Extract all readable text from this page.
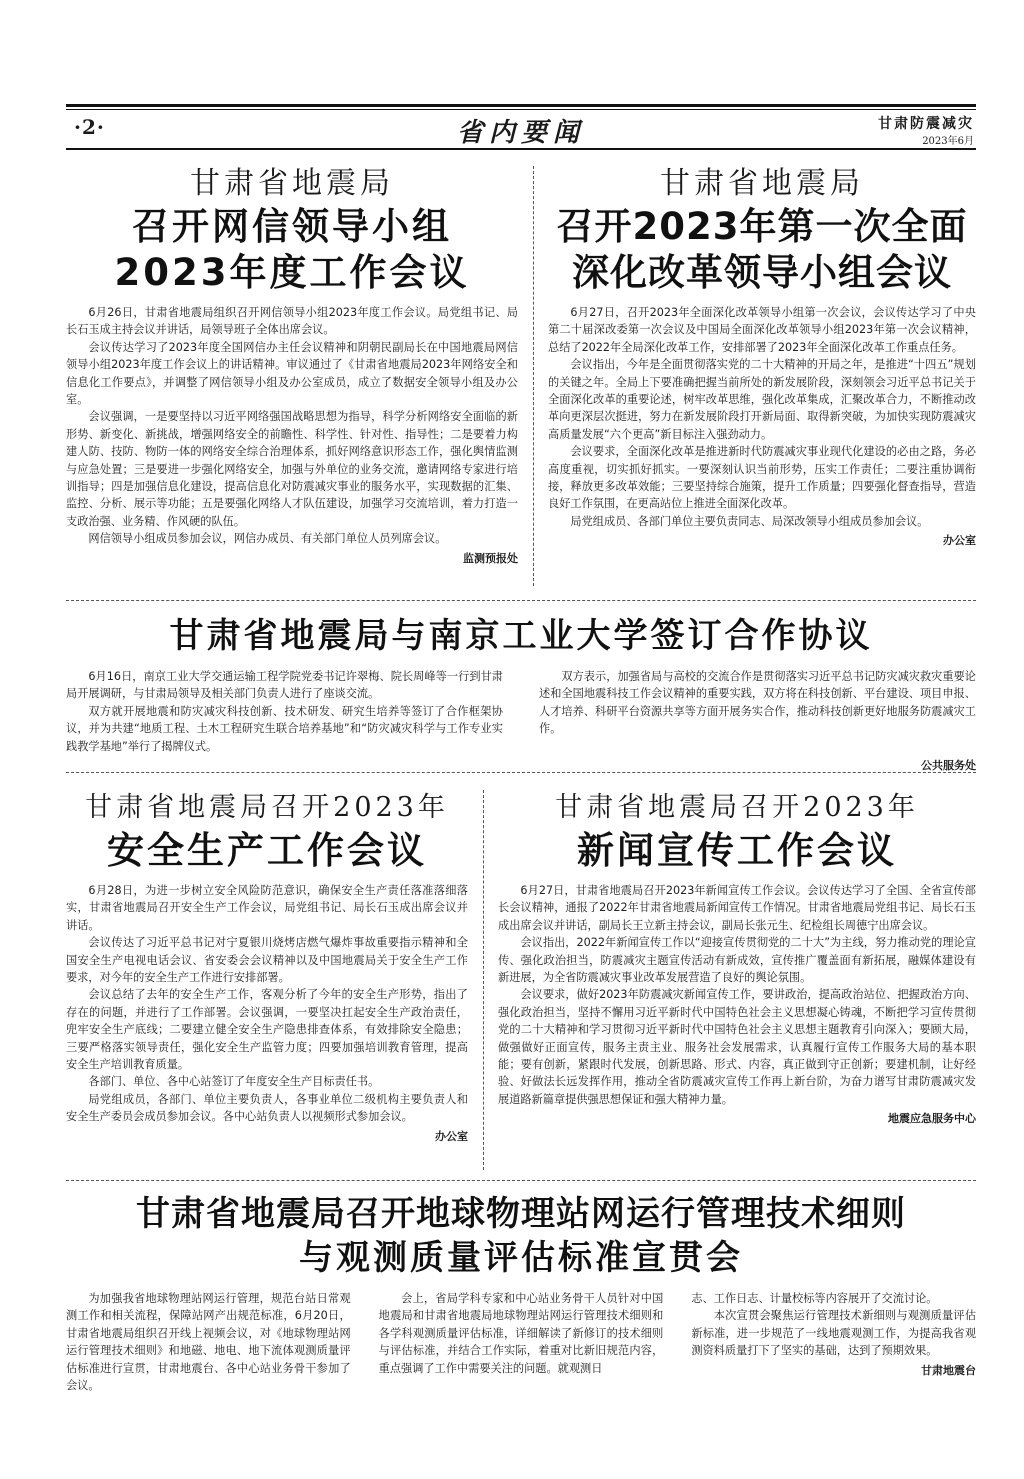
·2·	省内要闻	甘肃防震减灾
2023年6月
甘肃省地震局
召开网信领导小组
2023年度工作会议

6月26日，甘肃省地震局组织召开网信领导小组2023年度工作会议。局党组书记、局长石玉成主持会议并讲话，局领导班子全体出席会议。

会议传达学习了2023年度全国网信办主任会议精神和阴朝民副局长在中国地震局网信领导小组2023年度工作会议上的讲话精神。审议通过了《甘肃省地震局2023年网络安全和信息化工作要点》，并调整了网信领导小组及办公室成员，成立了数据安全领导小组及办公室。

会议强调，一是要坚持以习近平网络强国战略思想为指导，科学分析网络安全面临的新形势、新变化、新挑战，增强网络安全的前瞻性、科学性、针对性、指导性；二是要着力构建人防、技防、物防一体的网络安全综合治理体系，抓好网络意识形态工作，强化舆情监测与应急处置；三是要进一步强化网络安全，加强与外单位的业务交流，邀请网络专家进行培训指导；四是加强信息化建设，提高信息化对防震减灾事业的服务水平，实现数据的汇集、监控、分析、展示等功能；五是要强化网络人才队伍建设，加强学习交流培训，着力打造一支政治强、业务精、作风硬的队伍。

网信领导小组成员参加会议，网信办成员、有关部门单位人员列席会议。

监测预报处
甘肃省地震局
召开2023年第一次全面
深化改革领导小组会议

6月27日，召开2023年全面深化改革领导小组第一次会议，会议传达学习了中央第二十届深改委第一次会议及中国局全面深化改革领导小组2023年第一次会议精神，总结了2022年全局深化改革工作，安排部署了2023年全面深化改革工作重点任务。

会议指出，今年是全面贯彻落实党的二十大精神的开局之年，是推进“十四五”规划的关键之年。全局上下要准确把握当前所处的新发展阶段，深刻领会习近平总书记关于全面深化改革的重要论述，树牢改革思维，强化改革集成，汇聚改革合力，不断推动改革向更深层次挺进，努力在新发展阶段打开新局面、取得新突破，为加快实现防震减灾高质量发展“六个更高”新目标注入强劲动力。

会议要求，全面深化改革是推进新时代防震减灾事业现代化建设的必由之路，务必高度重视，切实抓好抓实。一要深刻认识当前形势，压实工作责任；二要注重协调衔接，释放更多改革效能；三要坚持综合施策，提升工作质量；四要强化督查指导，营造良好工作氛围，在更高站位上推进全面深化改革。

局党组成员、各部门单位主要负责同志、局深改领导小组成员参加会议。

办公室
甘肃省地震局与南京工业大学签订合作协议

6月16日，南京工业大学交通运输工程学院党委书记许翠梅、院长周峰等一行到甘肃局开展调研，与甘肃局领导及相关部门负责人进行了座谈交流。

双方就开展地震和防灾减灾科技创新、技术研发、研究生培养等签订了合作框架协议，并为共建“地质工程、土木工程研究生联合培养基地”和“防灾减灾科学与工作专业实践教学基地”举行了揭牌仪式。

双方表示，加强省局与高校的交流合作是贯彻落实习近平总书记防灾减灾救灾重要论述和全国地震科技工作会议精神的重要实践，双方将在科技创新、平台建设、项目申报、人才培养、科研平台资源共享等方面开展务实合作，推动科技创新更好地服务防震减灾工作。

公共服务处
甘肃省地震局召开2023年
安全生产工作会议

6月28日，为进一步树立安全风险防范意识，确保安全生产责任落准落细落实，甘肃省地震局召开安全生产工作会议，局党组书记、局长石玉成出席会议并讲话。

会议传达了习近平总书记对宁夏银川烧烤店燃气爆炸事故重要指示精神和全国安全生产电视电话会议、省安委会会议精神以及中国地震局关于安全生产工作要求，对今年的安全生产工作进行安排部署。

会议总结了去年的安全生产工作，客观分析了今年的安全生产形势，指出了存在的问题，并进行了工作部署。会议强调，一要坚决扛起安全生产政治责任，兜牢安全生产底线；二要建立健全安全生产隐患排查体系，有效排除安全隐患；三要严格落实领导责任，强化安全生产监管力度；四要加强培训教育管理，提高安全生产培训教育质量。

各部门、单位、各中心站签订了年度安全生产目标责任书。

局党组成员，各部门、单位主要负责人，各事业单位二级机构主要负责人和安全生产委员会成员参加会议。各中心站负责人以视频形式参加会议。

办公室
甘肃省地震局召开2023年
新闻宣传工作会议

6月27日，甘肃省地震局召开2023年新闻宣传工作会议。会议传达学习了全国、全省宣传部长会议精神，通报了2022年甘肃省地震局新闻宣传工作情况。甘肃省地震局党组书记、局长石玉成出席会议并讲话，副局长王立新主持会议，副局长张元生、纪检组长周德宁出席会议。

会议指出，2022年新闻宣传工作以“迎接宣传贯彻党的二十大”为主线，努力推动党的理论宣传、强化政治担当，防震减灾主题宣传活动有新成效，宣传推广覆盖面有新拓展，融媒体建设有新进展，为全省防震减灾事业改革发展营造了良好的舆论氛围。

会议要求，做好2023年防震减灾新闻宣传工作，要讲政治，提高政治站位、把握政治方向、强化政治担当，坚持不懈用习近平新时代中国特色社会主义思想凝心铸魂，不断把学习宣传贯彻党的二十大精神和学习贯彻习近平新时代中国特色社会主义思想主题教育引向深入；要顾大局，做强做好正面宣传，服务主责主业、服务社会发展需求，认真履行宣传工作服务大局的基本职能；要有创新，紧跟时代发展，创新思路、形式、内容，真正做到守正创新；要建机制，让好经验、好做法长远发挥作用，推动全省防震减灾宣传工作再上新台阶，为奋力谱写甘肃防震减灾发展道路新篇章提供强思想保证和强大精神力量。

地震应急服务中心
甘肃省地震局召开地球物理站网运行管理技术细则
与观测质量评估标准宣贯会

为加强我省地球物理站网运行管理，规范台站日常观测工作和相关流程，保障站网产出规范标准，6月20日，甘肃省地震局组织召开线上视频会议，对《地球物理站网运行管理技术细则》和地磁、地电、地下流体观测质量评估标准进行宣贯，甘肃地震台、各中心站业务骨干参加了会议。

会上，省局学科专家和中心站业务骨干人员针对中国地震局和甘肃省地震局地球物理站网运行管理技术细则和各学科观测质量评估标准，详细解读了新修订的技术细则与评估标准，并结合工作实际，着重对比新旧规范内容，重点强调了工作中需要关注的问题。就观测日

志、工作日志、计量校标等内容展开了交流讨论。

本次宣贯会聚焦运行管理技术新细则与观测质量评估新标准，进一步规范了一线地震观测工作，为提高我省观测资料质量打下了坚实的基础，达到了预期效果。

甘肃地震台
